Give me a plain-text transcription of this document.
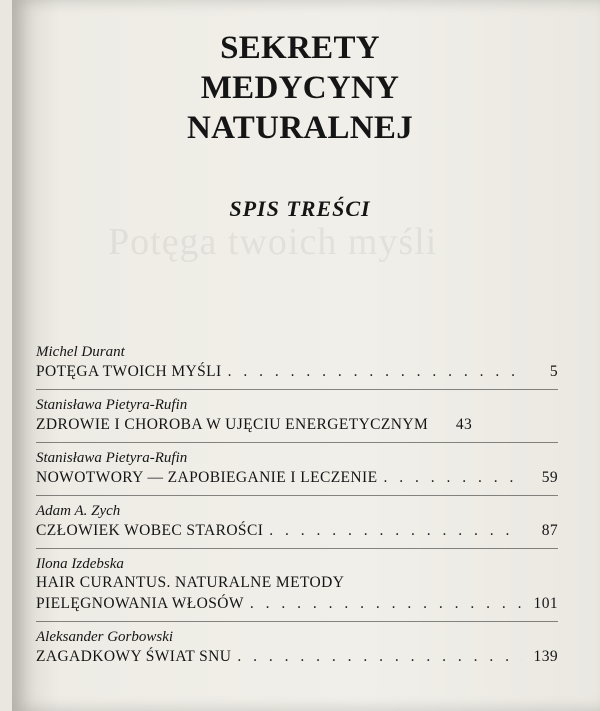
SEKRETY
MEDYCYNY
NATURALNEJ
SPIS TREŚCI
Michel Durant
POTĘGA TWOICH MYŚLI . . .	5
Stanisława Pietyra-Rufin
ZDROWIE I CHOROBA W UJĘCIU ENERGETYCZNYM	43
Stanisława Pietyra-Rufin
NOWOTWORY — ZAPOBIEGANIE I LECZENIE . . .	59
Adam A. Zych
CZŁOWIEK WOBEC STAROŚCI . . .	87
Ilona Izdebska
HAIR CURANTUS. NATURALNE METODY
PIELĘGNOWANIA WŁOSÓW . . .	101
Aleksander Gorbowski
ZAGADKOWY ŚWIAT SNU . . .	139
